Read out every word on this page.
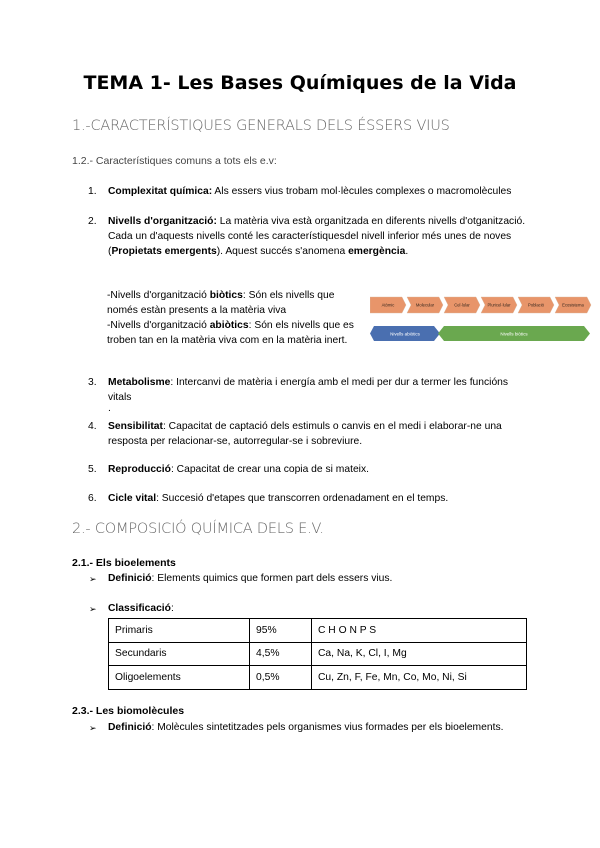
TEMA 1- Les Bases Químiques de la Vida
1.-CARACTERÍSTIQUES GENERALS DELS ÉSSERS VIUS
1.2.- Característiques comuns a tots els e.v:
1.	Complexitat química: Als essers vius trobam mol·lècules complexes o macromolècules
2.	Nivells d'organització: La matèria viva està organitzada en diferents nivells d'otganització. Cada un d'aquests nivells conté les característiquesdel nivell inferior més unes de noves (Propietats emergents). Aquest succés s'anomena emergència.
-Nivells d'organització biòtics: Són els nivells que només estàn presents a la matèria viva
-Nivells d'organització abiòtics: Són els nivells que es troben tan en la matèria viva com en la matèria inert.
Atòmic	Molecular	Cel·lular	Pluricel·lular	Població	Ecosistema
Nivells abiòtics	Nivells biòtics
3.	Metabolisme: Intercanvi de matèria i energía amb el medi per dur a termer les funcións vitals
.
4.	Sensibilitat: Capacitat de captació dels estimuls o canvis en el medi i elaborar-ne una resposta per relacionar-se, autorregular-se i sobreviure.
5.	Reproducció: Capacitat de crear una copia de si mateix.
6.	Cicle vital: Succesió d'etapes que transcorren ordenadament en el temps.
2.- COMPOSICIÓ QUÍMICA DELS E.V.
2.1.- Els bioelements
➢ Definició: Elements quimics que formen part dels essers vius.
➢ Classificació:
Primaris	95%	C H O N P S
Secundaris	4,5%	Ca, Na, K, Cl, I, Mg
Oligoelements	0,5%	Cu, Zn, F, Fe, Mn, Co, Mo, Ni, Si
2.3.- Les biomolècules
➢ Definició: Molècules sintetitzades pels organismes vius formades per els bioelements.
